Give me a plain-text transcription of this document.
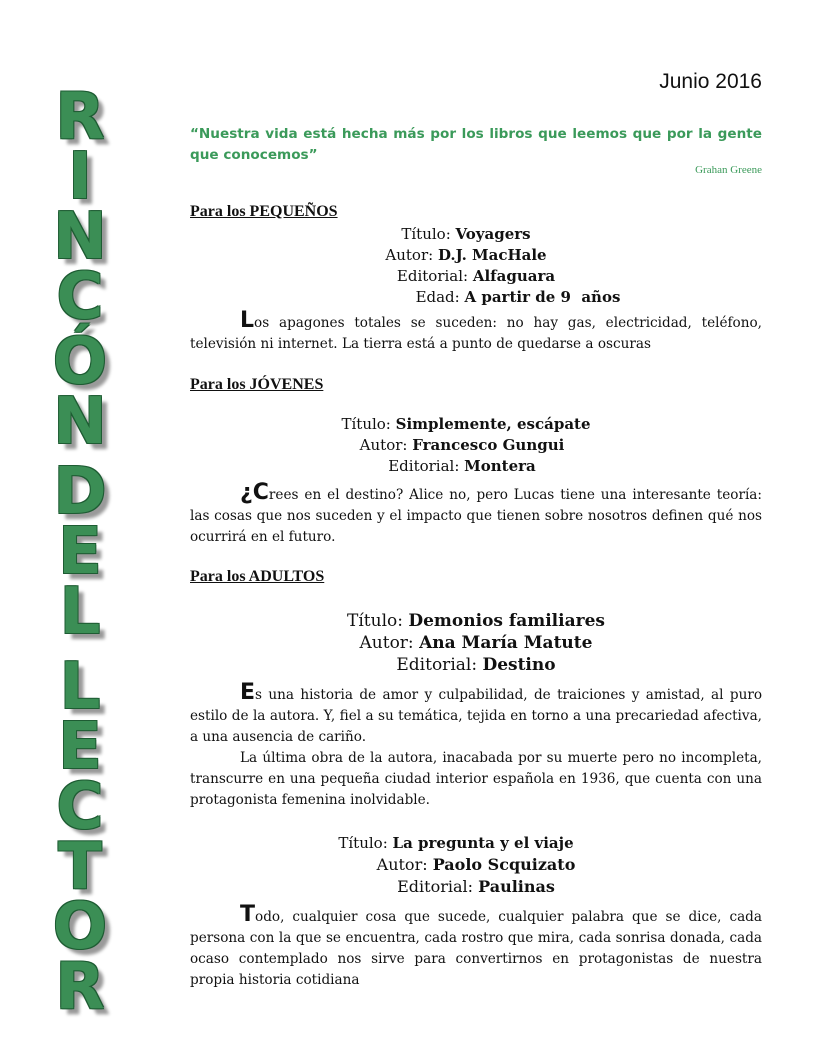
R
I
N
C
Ó
N
D
E
L
L
E
C
T
O
R
Junio 2016
“Nuestra vida está hecha más por los libros que leemos que por la gente que conocemos”
Grahan Greene
Para los PEQUEÑOS
Título: Voyagers
Autor: D.J. MacHale
Editorial: Alfaguara
Edad: A partir de 9  años

Los apagones totales se suceden: no hay gas, electricidad, teléfono, televisión ni internet. La tierra está a punto de quedarse a oscuras

Para los JÓVENES
Título: Simplemente, escápate
Autor: Francesco Gungui
Editorial: Montera

¿Crees en el destino? Alice no, pero Lucas tiene una interesante teoría: las cosas que nos suceden y el impacto que tienen sobre nosotros definen qué nos ocurrirá en el futuro.

Para los ADULTOS
Título: Demonios familiares
Autor: Ana María Matute
Editorial: Destino

Es una historia de amor y culpabilidad, de traiciones y amistad, al puro estilo de la autora. Y, fiel a su temática, tejida en torno a una precariedad afectiva, a una ausencia de cariño.

La última obra de la autora, inacabada por su muerte pero no incompleta, transcurre en una pequeña ciudad interior española en 1936, que cuenta con una protagonista femenina inolvidable.

Título: La pregunta y el viaje
Autor: Paolo Scquizato
Editorial: Paulinas

Todo, cualquier cosa que sucede, cualquier palabra que se dice, cada persona con la que se encuentra, cada rostro que mira, cada sonrisa donada, cada ocaso contemplado nos sirve para convertirnos en protagonistas de nuestra propia historia cotidiana
